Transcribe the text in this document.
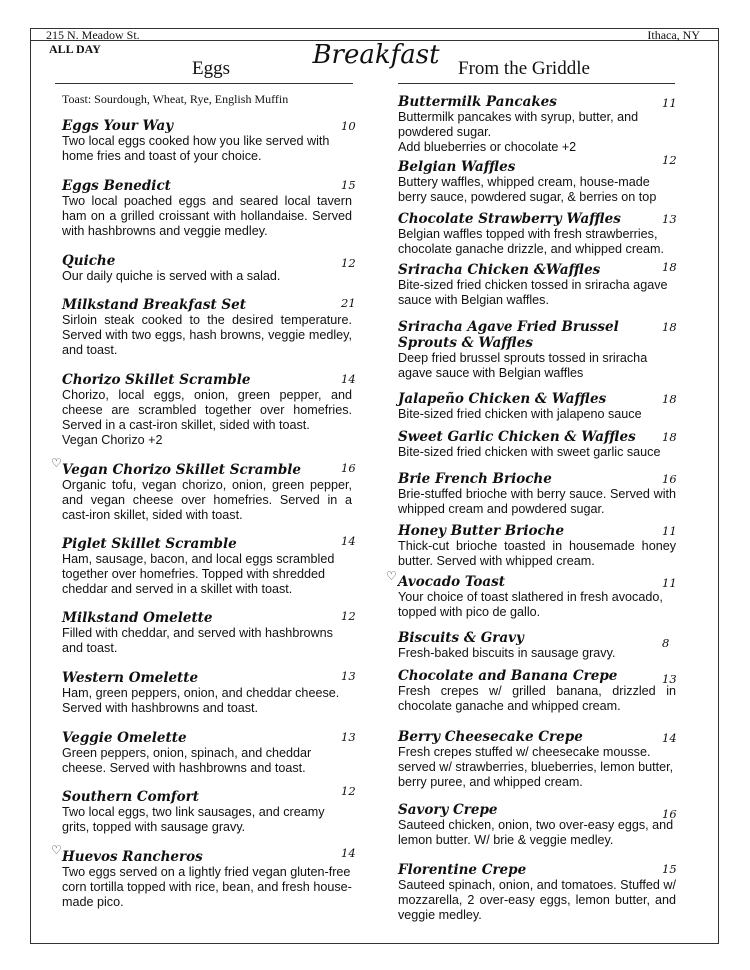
215 N. Meadow St.	Ithaca, NY
ALL DAY	Breakfast
Eggs	From the Griddle
Toast: Sourdough, Wheat, Rye, English Muffin
Eggs Your Way
Two local eggs cooked how you like served with home fries and toast of your choice.
10
Eggs Benedict
Two local poached eggs and seared local tavern ham on a grilled croissant with hollandaise. Served with hashbrowns and veggie medley.
15
Quiche
Our daily quiche is served with a salad.
12
Milkstand Breakfast Set
Sirloin steak cooked to the desired temperature. Served with two eggs, hash browns, veggie medley, and toast.
21
Chorizo Skillet Scramble
Chorizo, local eggs, onion, green pepper, and cheese are scrambled together over homefries. Served in a cast-iron skillet, sided with toast.
Vegan Chorizo +2
14
♡ Vegan Chorizo Skillet Scramble
Organic tofu, vegan chorizo, onion, green pepper, and vegan cheese over homefries. Served in a cast-iron skillet, sided with toast.
16
Piglet Skillet Scramble
Ham, sausage, bacon, and local eggs scrambled together over homefries. Topped with shredded cheddar and served in a skillet with toast.
14
Milkstand Omelette
Filled with cheddar, and served with hashbrowns and toast.
12
Western Omelette
Ham, green peppers, onion, and cheddar cheese. Served with hashbrowns and toast.
13
Veggie Omelette
Green peppers, onion, spinach, and cheddar cheese. Served with hashbrowns and toast.
13
Southern Comfort
Two local eggs, two link sausages, and creamy grits, topped with sausage gravy.
12
♡ Huevos Rancheros
Two eggs served on a lightly fried vegan gluten-free corn tortilla topped with rice, bean, and fresh house-made pico.
14
Buttermilk Pancakes
Buttermilk pancakes with syrup, butter, and powdered sugar.
Add blueberries or chocolate +2
11
Belgian Waffles
Buttery waffles, whipped cream, house-made berry sauce, powdered sugar, & berries on top
12
Chocolate Strawberry Waffles
Belgian waffles topped with fresh strawberries, chocolate ganache drizzle, and whipped cream.
13
Sriracha Chicken &Waffles
Bite-sized fried chicken tossed in sriracha agave sauce with Belgian waffles.
18
Sriracha Agave Fried Brussel Sprouts & Waffles
Deep fried brussel sprouts tossed in sriracha agave sauce with Belgian waffles
18
Jalapeño Chicken & Waffles
Bite-sized fried chicken with jalapeno sauce
18
Sweet Garlic Chicken & Waffles
Bite-sized fried chicken with sweet garlic sauce
18
Brie French Brioche
Brie-stuffed brioche with berry sauce. Served with whipped cream and powdered sugar.
16
Honey Butter Brioche
Thick-cut brioche toasted in housemade honey butter. Served with whipped cream.
11
♡ Avocado Toast
Your choice of toast slathered in fresh avocado, topped with pico de gallo.
11
Biscuits & Gravy
Fresh-baked biscuits in sausage gravy.
8
Chocolate and Banana Crepe
Fresh crepes w/ grilled banana, drizzled in chocolate ganache and whipped cream.
13
Berry Cheesecake Crepe
Fresh crepes stuffed w/ cheesecake mousse. served w/ strawberries, blueberries, lemon butter, berry puree, and whipped cream.
14
Savory Crepe
Sauteed chicken, onion, two over-easy eggs, and lemon butter. W/ brie & veggie medley.
16
Florentine Crepe
Sauteed spinach, onion, and tomatoes. Stuffed w/ mozzarella, 2 over-easy eggs, lemon butter, and veggie medley.
15
